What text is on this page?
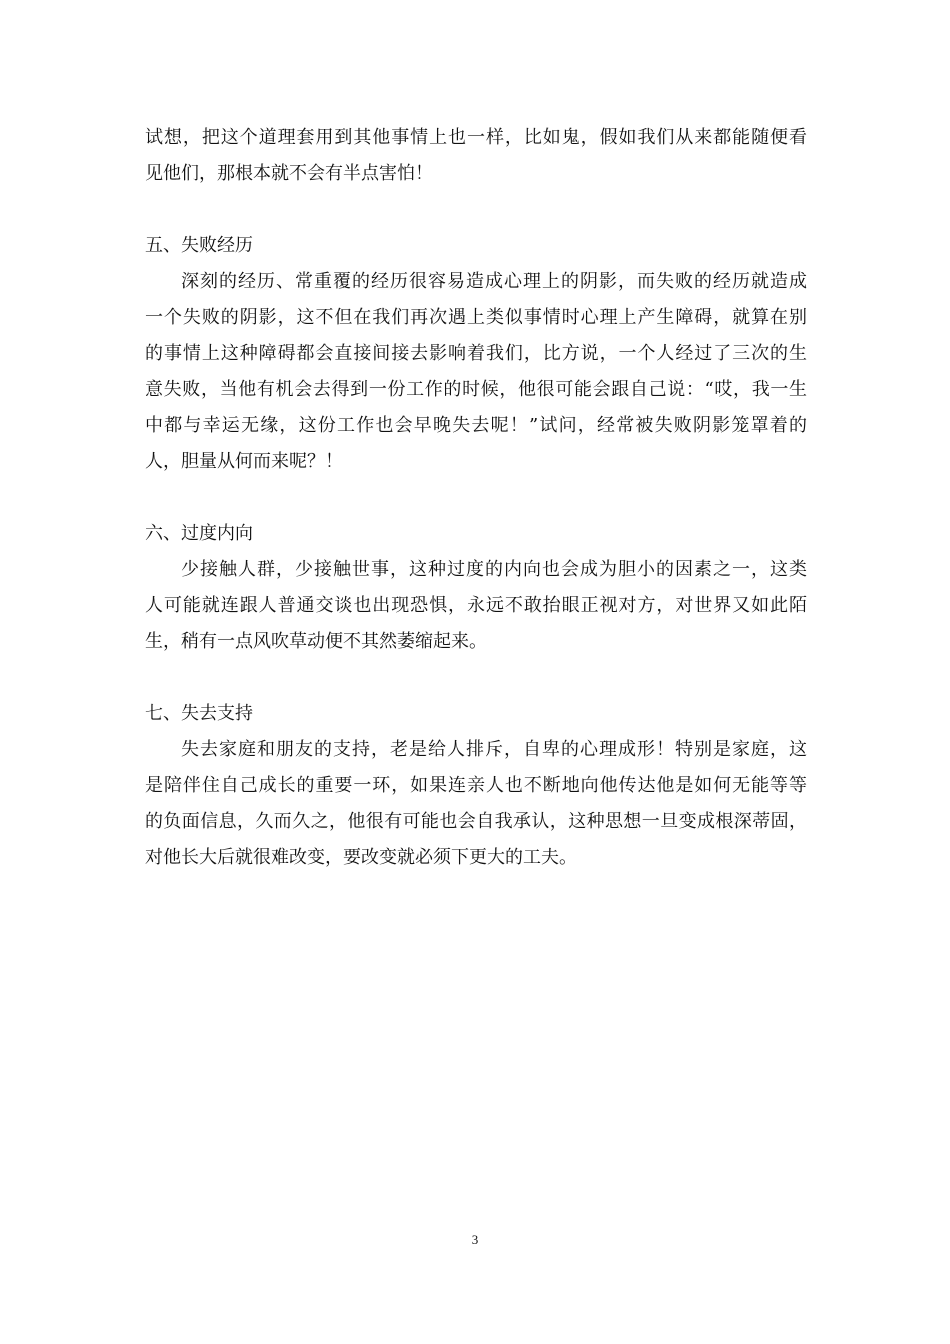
试想，把这个道理套用到其他事情上也一样，比如鬼，假如我们从来都能随便看
见他们，那根本就不会有半点害怕！
五、失败经历
深刻的经历、常重覆的经历很容易造成心理上的阴影，而失败的经历就造成
一个失败的阴影，这不但在我们再次遇上类似事情时心理上产生障碍，就算在别
的事情上这种障碍都会直接间接去影响着我们，比方说，一个人经过了三次的生
意失败，当他有机会去得到一份工作的时候，他很可能会跟自己说：“哎，我一生
中都与幸运无缘，这份工作也会早晚失去呢！”试问，经常被失败阴影笼罩着的
人，胆量从何而来呢？！
六、过度内向
少接触人群，少接触世事，这种过度的内向也会成为胆小的因素之一，这类
人可能就连跟人普通交谈也出现恐惧，永远不敢抬眼正视对方，对世界又如此陌
生，稍有一点风吹草动便不其然萎缩起来。
七、失去支持
失去家庭和朋友的支持，老是给人排斥，自卑的心理成形！特别是家庭，这
是陪伴住自己成长的重要一环，如果连亲人也不断地向他传达他是如何无能等等
的负面信息，久而久之，他很有可能也会自我承认，这种思想一旦变成根深蒂固，
对他长大后就很难改变，要改变就必须下更大的工夫。
3
